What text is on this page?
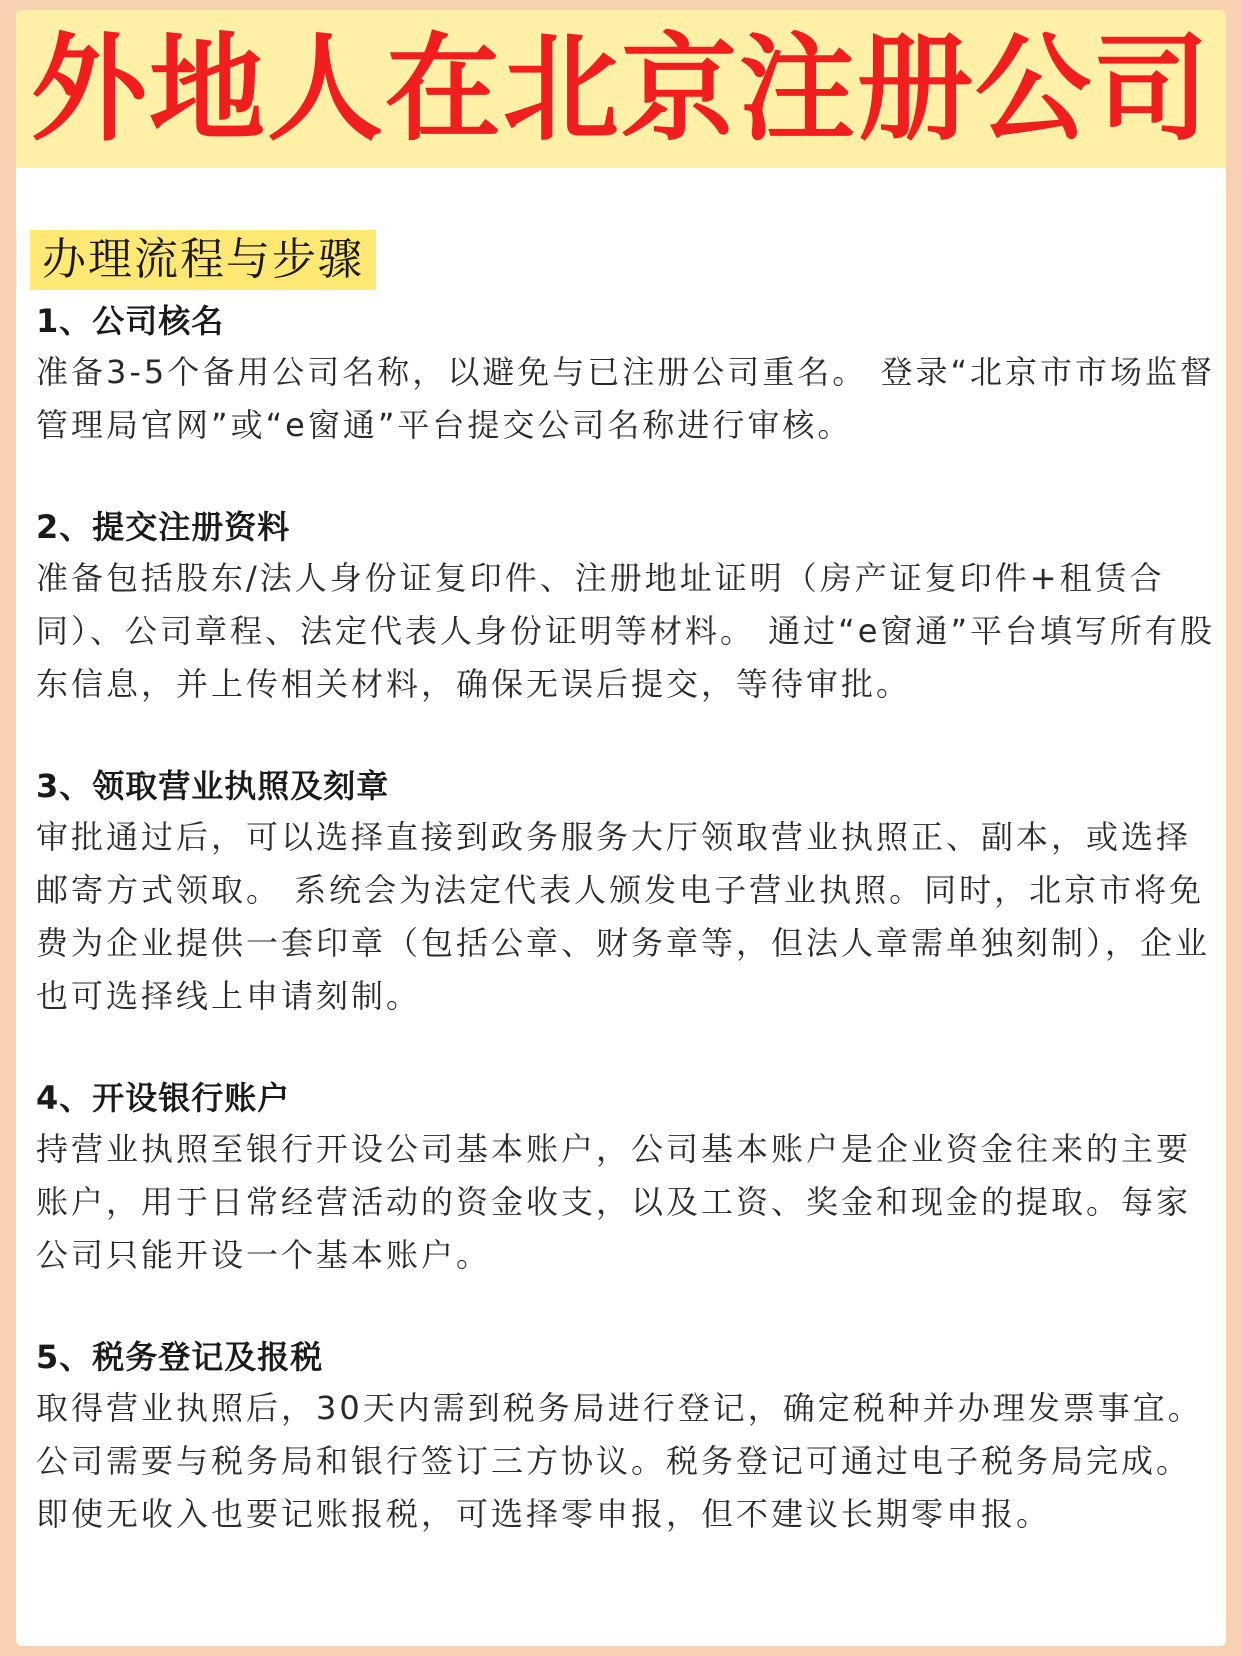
外地人在北京注册公司
办理流程与步骤
1、公司核名
准备3-5个备用公司名称，以避免与已注册公司重名。 登录“北京市市场监督管理局官网”或“e窗通”平台提交公司名称进行审核。
2、提交注册资料
准备包括股东/法人身份证复印件、注册地址证明（房产证复印件+租赁合同）、公司章程、法定代表人身份证明等材料。 通过“e窗通”平台填写所有股东信息，并上传相关材料，确保无误后提交，等待审批。
3、领取营业执照及刻章
审批通过后，可以选择直接到政务服务大厅领取营业执照正、副本，或选择邮寄方式领取。 系统会为法定代表人颁发电子营业执照。同时，北京市将免费为企业提供一套印章（包括公章、财务章等，但法人章需单独刻制），企业也可选择线上申请刻制。
4、开设银行账户
持营业执照至银行开设公司基本账户，公司基本账户是企业资金往来的主要账户，用于日常经营活动的资金收支，以及工资、奖金和现金的提取。每家公司只能开设一个基本账户。
5、税务登记及报税
取得营业执照后，30天内需到税务局进行登记，确定税种并办理发票事宜。公司需要与税务局和银行签订三方协议。税务登记可通过电子税务局完成。 即使无收入也要记账报税，可选择零申报，但不建议长期零申报。
